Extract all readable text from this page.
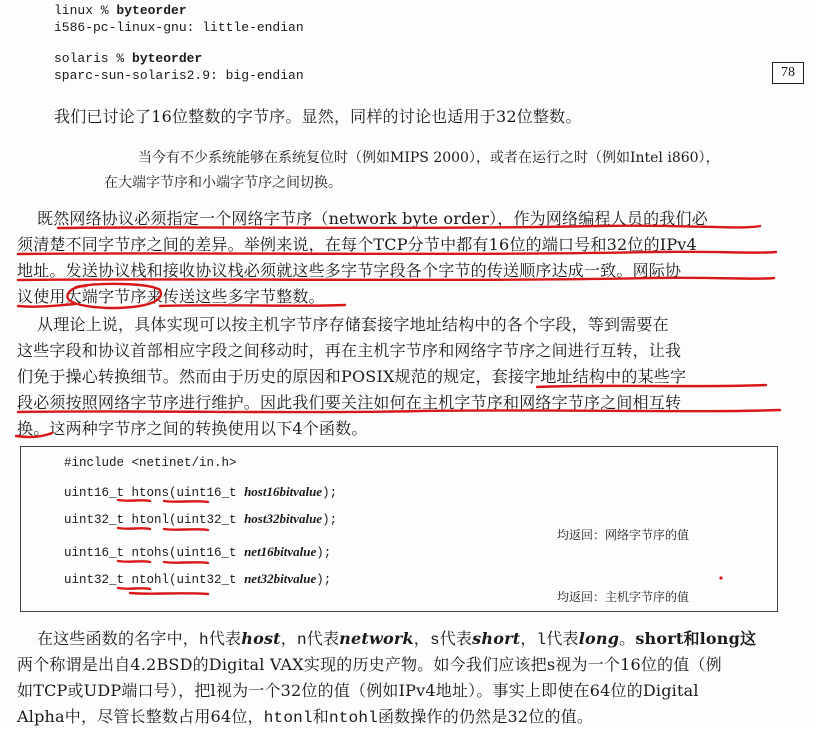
linux % byteorder
i586-pc-linux-gnu: little-endian
solaris % byteorder
sparc-sun-solaris2.9: big-endian	78
我们已讨论了16位整数的字节序。显然，同样的讨论也适用于32位整数。
当今有不少系统能够在系统复位时（例如MIPS 2000），或者在运行之时（例如Intel i860），
在大端字节序和小端字节序之间切换。
既然网络协议必须指定一个网络字节序（network byte order），作为网络编程人员的我们必
须清楚不同字节序之间的差异。举例来说，在每个TCP分节中都有16位的端口号和32位的IPv4
地址。发送协议栈和接收协议栈必须就这些多字节字段各个字节的传送顺序达成一致。网际协
议使用大端字节序来传送这些多字节整数。
从理论上说，具体实现可以按主机字节序存储套接字地址结构中的各个字段，等到需要在
这些字段和协议首部相应字段之间移动时，再在主机字节序和网络字节序之间进行互转，让我
们免于操心转换细节。然而由于历史的原因和POSIX规范的规定，套接字地址结构中的某些字
段必须按照网络字节序进行维护。因此我们要关注如何在主机字节序和网络字节序之间相互转
换。这两种字节序之间的转换使用以下4个函数。
#include <netinet/in.h>
uint16_t htons(uint16_t host16bitvalue);
uint32_t htonl(uint32_t host32bitvalue);
均返回：网络字节序的值
uint16_t ntohs(uint16_t net16bitvalue);
uint32_t ntohl(uint32_t net32bitvalue);
均返回：主机字节序的值
在这些函数的名字中，h代表host，n代表network，s代表short，l代表long。short和long这
两个称谓是出自4.2BSD的Digital VAX实现的历史产物。如今我们应该把s视为一个16位的值（例
如TCP或UDP端口号），把l视为一个32位的值（例如IPv4地址）。事实上即使在64位的Digital
Alpha中，尽管长整数占用64位，htonl和ntohl函数操作的仍然是32位的值。
